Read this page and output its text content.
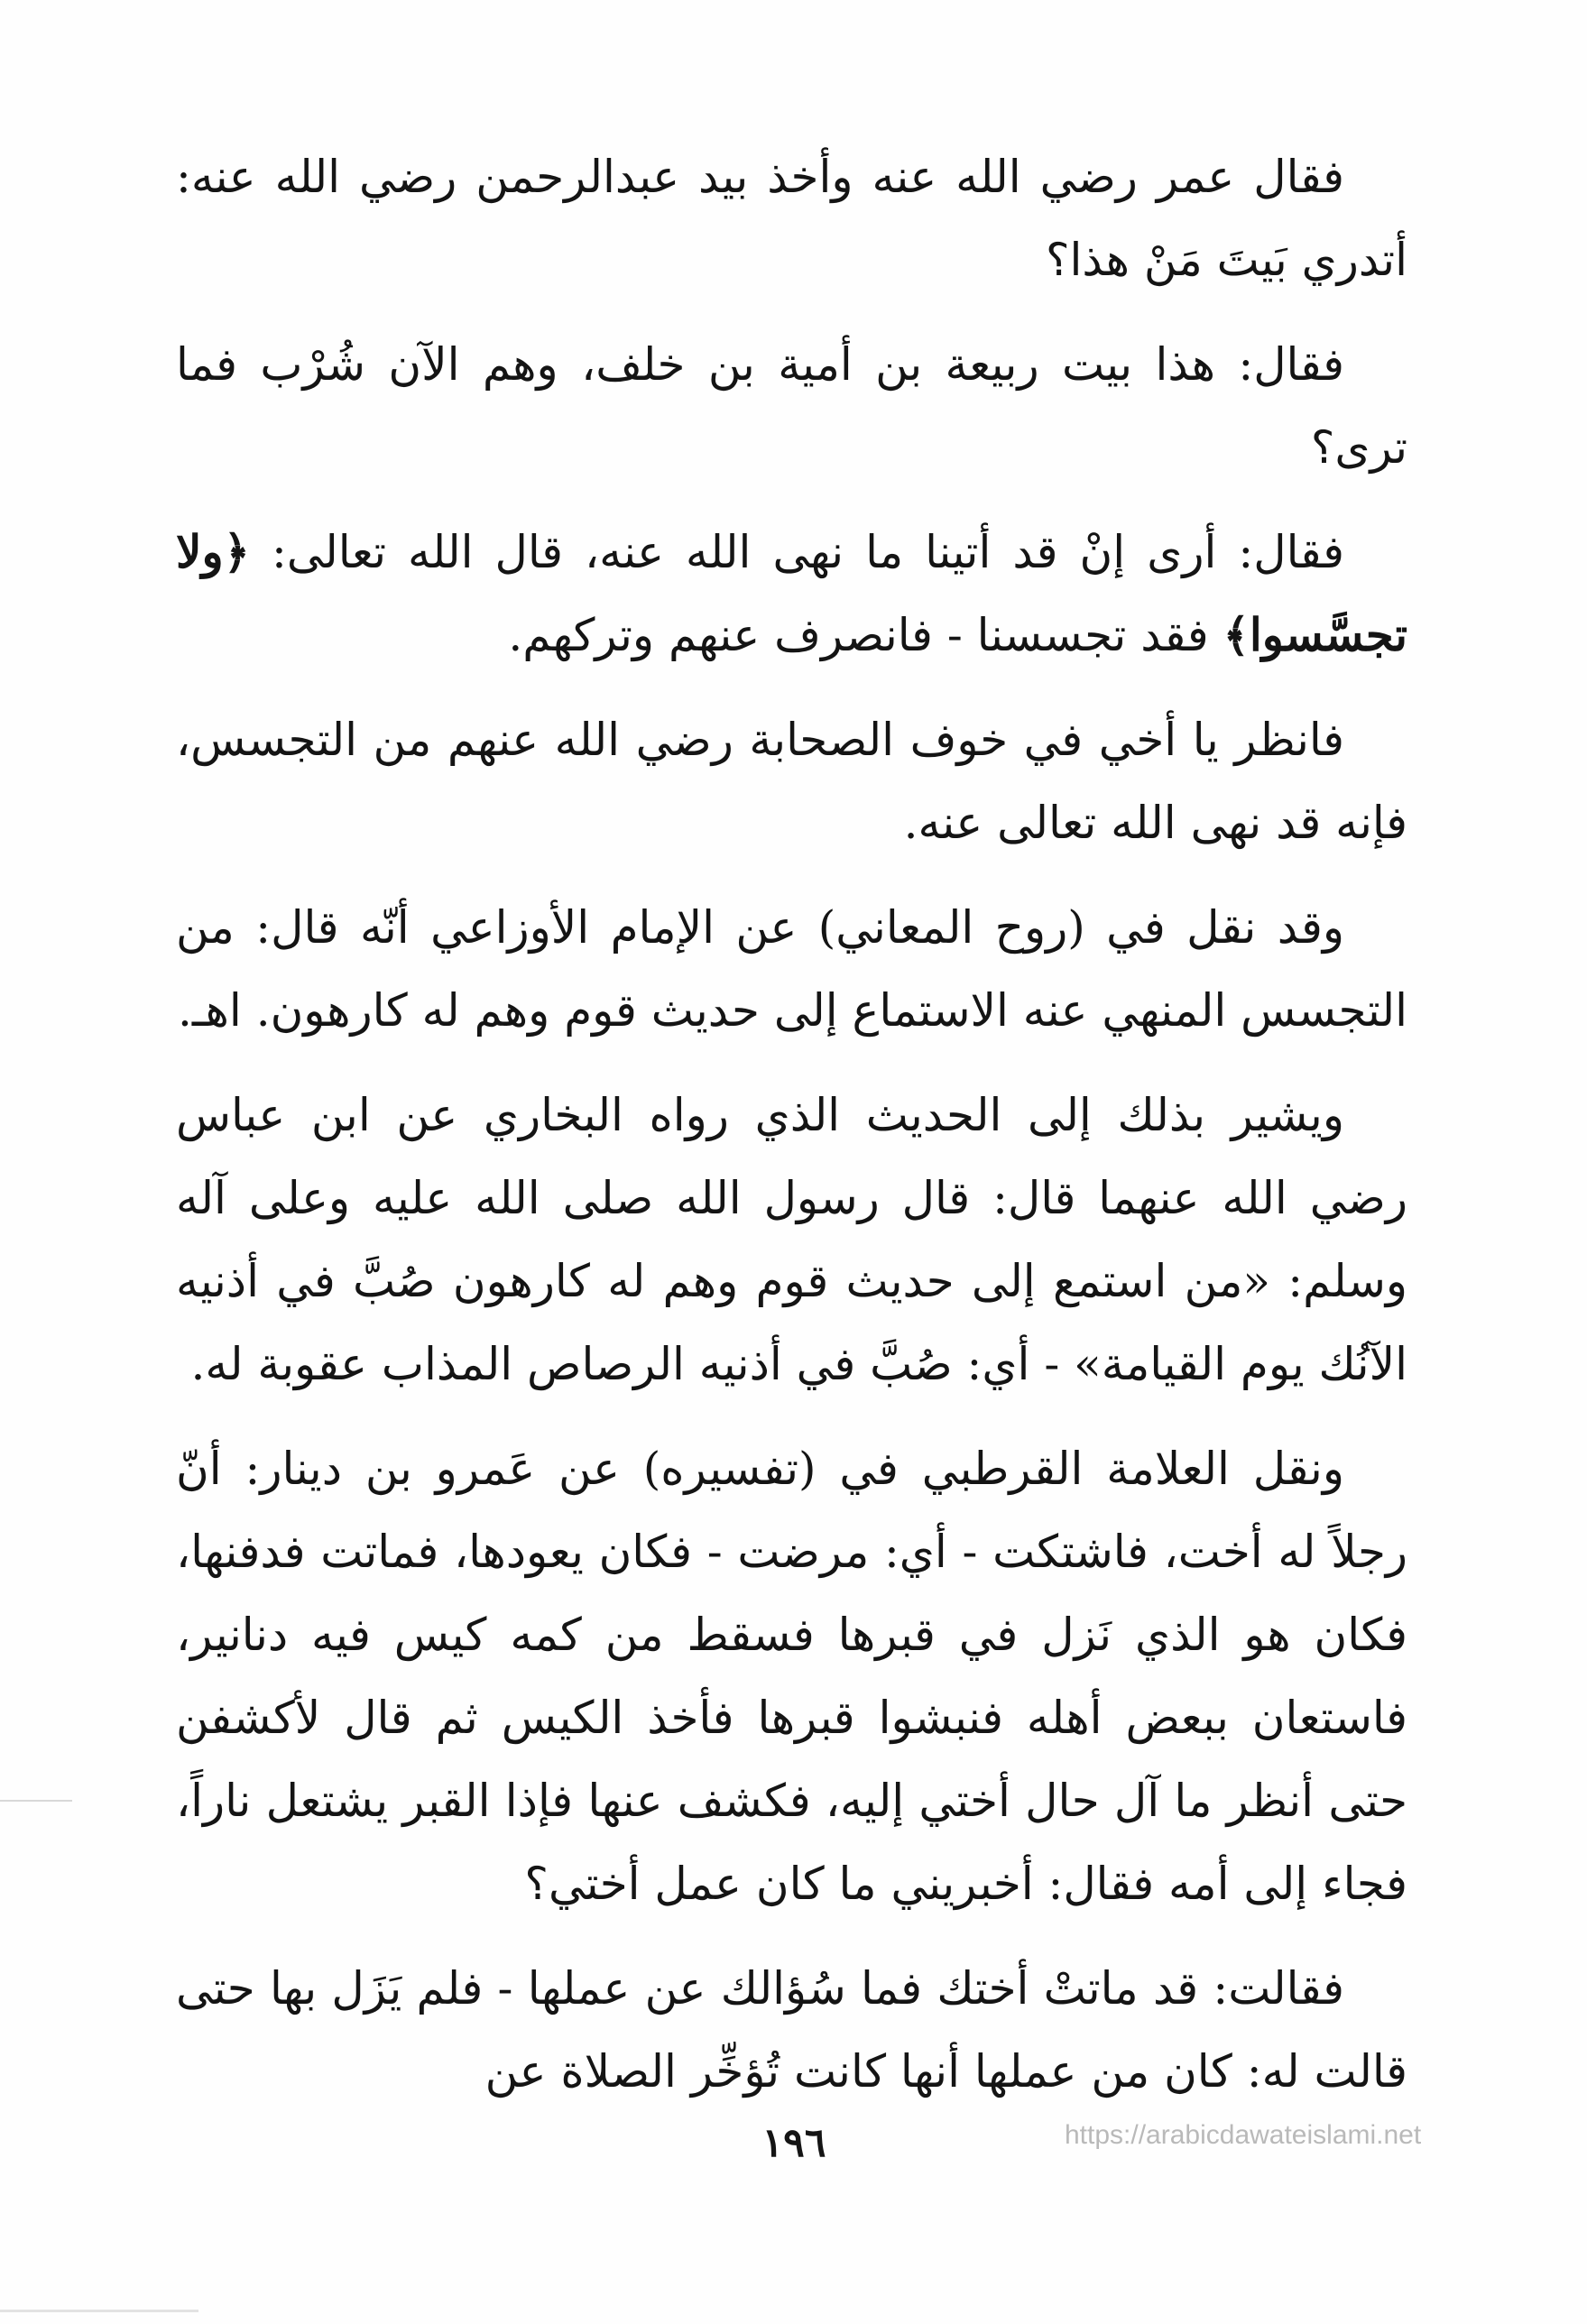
فقال عمر رضي الله عنه وأخذ بيد عبدالرحمن رضي الله عنه: أتدري بَيتَ مَنْ هذا؟

فقال: هذا بيت ربيعة بن أمية بن خلف، وهم الآن شُرْب فما ترى؟

فقال: أرى إنْ قد أتينا ما نهى الله عنه، قال الله تعالى: ﴿ولا تجسَّسوا﴾ فقد تجسسنا - فانصرف عنهم وتركهم.

فانظر يا أخي في خوف الصحابة رضي الله عنهم من التجسس، فإنه قد نهى الله تعالى عنه.

وقد نقل في (روح المعاني) عن الإمام الأوزاعي أنّه قال: من التجسس المنهي عنه الاستماع إلى حديث قوم وهم له كارهون. اهـ.

ويشير بذلك إلى الحديث الذي رواه البخاري عن ابن عباس رضي الله عنهما قال: قال رسول الله صلى الله عليه وعلى آله وسلم: «من استمع إلى حديث قوم وهم له كارهون صُبَّ في أذنيه الآنُك يوم القيامة» - أي: صُبَّ في أذنيه الرصاص المذاب عقوبة له.

ونقل العلامة القرطبي في (تفسيره) عن عَمرو بن دينار: أنّ رجلاً له أخت، فاشتكت - أي: مرضت - فكان يعودها، فماتت فدفنها، فكان هو الذي نَزل في قبرها فسقط من كمه كيس فيه دنانير، فاستعان ببعض أهله فنبشوا قبرها فأخذ الكيس ثم قال لأكشفن حتى أنظر ما آل حال أختي إليه، فكشف عنها فإذا القبر يشتعل ناراً، فجاء إلى أمه فقال: أخبريني ما كان عمل أختي؟

فقالت: قد ماتتْ أختك فما سُؤالك عن عملها - فلم يَزَل بها حتى قالت له: كان من عملها أنها كانت تُؤخِّر الصلاة عن

١٩٦	https://arabicdawateislami.net
